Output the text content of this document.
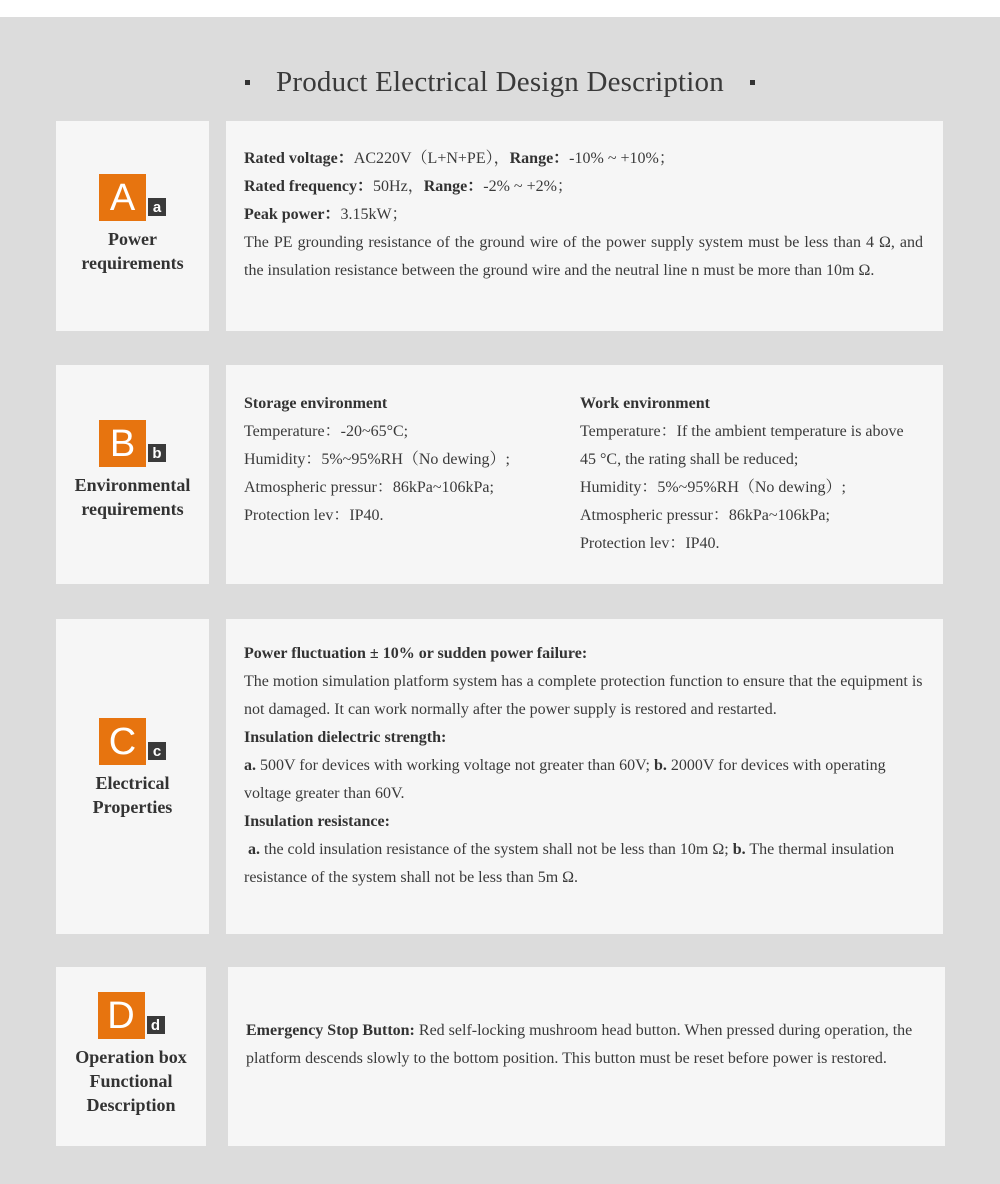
Product Electrical Design Description
A	a
Power
requirements

Rated voltage：AC220V（L+N+PE），Range：-10% ~ +10%；

Rated frequency：50Hz，Range：-2% ~ +2%；

Peak power：3.15kW；

The PE grounding resistance of the ground wire of the power supply system must be less than 4 Ω, and the insulation resistance between the ground wire and the neutral line n must be more than 10m Ω.

B	b
Environmental
requirements

Storage environment

Temperature：-20~65°C;

Humidity：5%~95%RH（No dewing）;

Atmospheric pressur：86kPa~106kPa;

Protection lev：IP40.

Work environment

Temperature：If the ambient temperature is above 45 °C, the rating shall be reduced;

Humidity：5%~95%RH（No dewing）;

Atmospheric pressur：86kPa~106kPa;

Protection lev：IP40.

C	c
Electrical
Properties

Power fluctuation ± 10% or sudden power failure:

The motion simulation platform system has a complete protection function to ensure that the equipment is not damaged. It can work normally after the power supply is restored and restarted.

Insulation dielectric strength:

a. 500V for devices with working voltage not greater than 60V; b. 2000V for devices with operating voltage greater than 60V.

Insulation resistance:

a. the cold insulation resistance of the system shall not be less than 10m Ω; b. The thermal insulation resistance of the system shall not be less than 5m Ω.

D	d
Operation box
Functional
Description

Emergency Stop Button: Red self-locking mushroom head button. When pressed during operation, the platform descends slowly to the bottom position. This button must be reset before power is restored.
